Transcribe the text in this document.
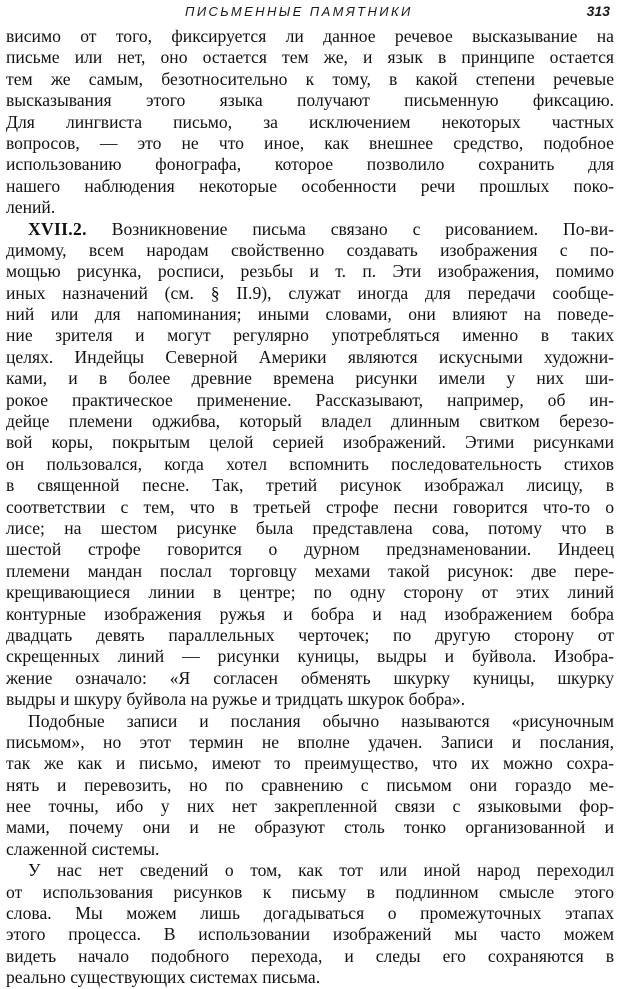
ПИСЬМЕННЫЕ ПАМЯТНИКИ	313
висимо от того, фиксируется ли данное речевое высказывание на
письме или нет, оно остается тем же, и язык в принципе остается
тем же самым, безотносительно к тому, в какой степени речевые
высказывания этого языка получают письменную фиксацию.
Для лингвиста письмо, за исключением некоторых частных
вопросов, — это не что иное, как внешнее средство, подобное
использованию фонографа, которое позволило сохранить для
нашего наблюдения некоторые особенности речи прошлых поко-
лений.
XVII.2. Возникновение письма связано с рисованием. По-ви-
димому, всем народам свойственно создавать изображения с по-
мощью рисунка, росписи, резьбы и т. п. Эти изображения, помимо
иных назначений (см. § II.9), служат иногда для передачи сообще-
ний или для напоминания; иными словами, они влияют на поведе-
ние зрителя и могут регулярно употребляться именно в таких
целях. Индейцы Северной Америки являются искусными художни-
ками, и в более древние времена рисунки имели у них ши-
рокое практическое применение. Рассказывают, например, об ин-
дейце племени оджибва, который владел длинным свитком березо-
вой коры, покрытым целой серией изображений. Этими рисунками
он пользовался, когда хотел вспомнить последовательность стихов
в священной песне. Так, третий рисунок изображал лисицу, в
соответствии с тем, что в третьей строфе песни говорится что-то о
лисе; на шестом рисунке была представлена сова, потому что в
шестой строфе говорится о дурном предзнаменовании. Индеец
племени мандан послал торговцу мехами такой рисунок: две пере-
крещивающиеся линии в центре; по одну сторону от этих линий
контурные изображения ружья и бобра и над изображением бобра
двадцать девять параллельных черточек; по другую сторону от
скрещенных линий — рисунки куницы, выдры и буйвола. Изобра-
жение означало: «Я согласен обменять шкурку куницы, шкурку
выдры и шкуру буйвола на ружье и тридцать шкурок бобра».
Подобные записи и послания обычно называются «рисуночным
письмом», но этот термин не вполне удачен. Записи и послания,
так же как и письмо, имеют то преимущество, что их можно сохра-
нять и перевозить, но по сравнению с письмом они гораздо ме-
нее точны, ибо у них нет закрепленной связи с языковыми фор-
мами, почему они и не образуют столь тонко организованной и
слаженной системы.
У нас нет сведений о том, как тот или иной народ переходил
от использования рисунков к письму в подлинном смысле этого
слова. Мы можем лишь догадываться о промежуточных этапах
этого процесса. В использовании изображений мы часто можем
видеть начало подобного перехода, и следы его сохраняются в
реально существующих системах письма.
